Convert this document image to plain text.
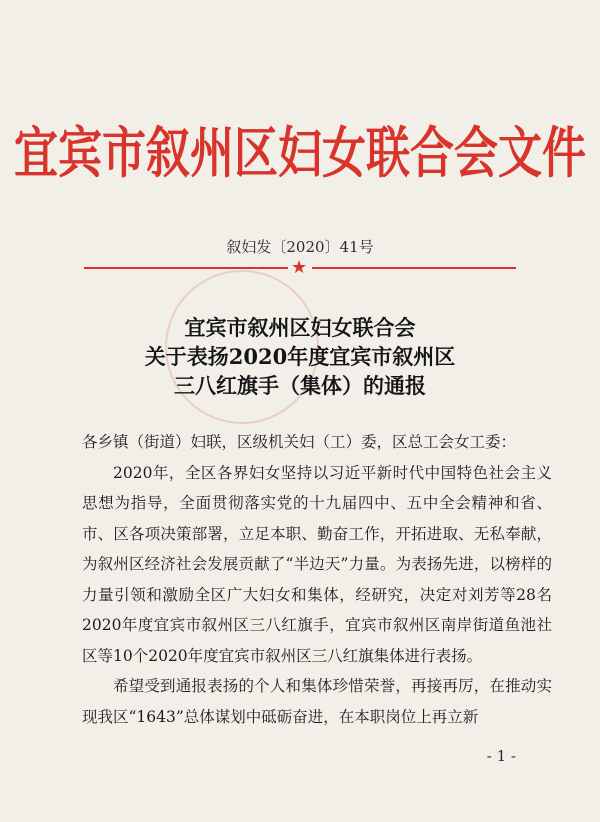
宜宾市叙州区妇女联合会文件
叙妇发〔2020〕41号
★
宜宾市叙州区妇女联合会
关于表扬2020年度宜宾市叙州区
三八红旗手（集体）的通报

各乡镇（街道）妇联，区级机关妇（工）委，区总工会女工委：

2020年，全区各界妇女坚持以习近平新时代中国特色社会主义思想为指导，全面贯彻落实党的十九届四中、五中全会精神和省、市、区各项决策部署，立足本职、勤奋工作，开拓进取、无私奉献，为叙州区经济社会发展贡献了“半边天”力量。为表扬先进，以榜样的力量引领和激励全区广大妇女和集体，经研究，决定对刘芳等28名2020年度宜宾市叙州区三八红旗手，宜宾市叙州区南岸街道鱼池社区等10个2020年度宜宾市叙州区三八红旗集体进行表扬。

希望受到通报表扬的个人和集体珍惜荣誉，再接再厉，在推动实现我区“1643”总体谋划中砥砺奋进，在本职岗位上再立新

- 1 -
